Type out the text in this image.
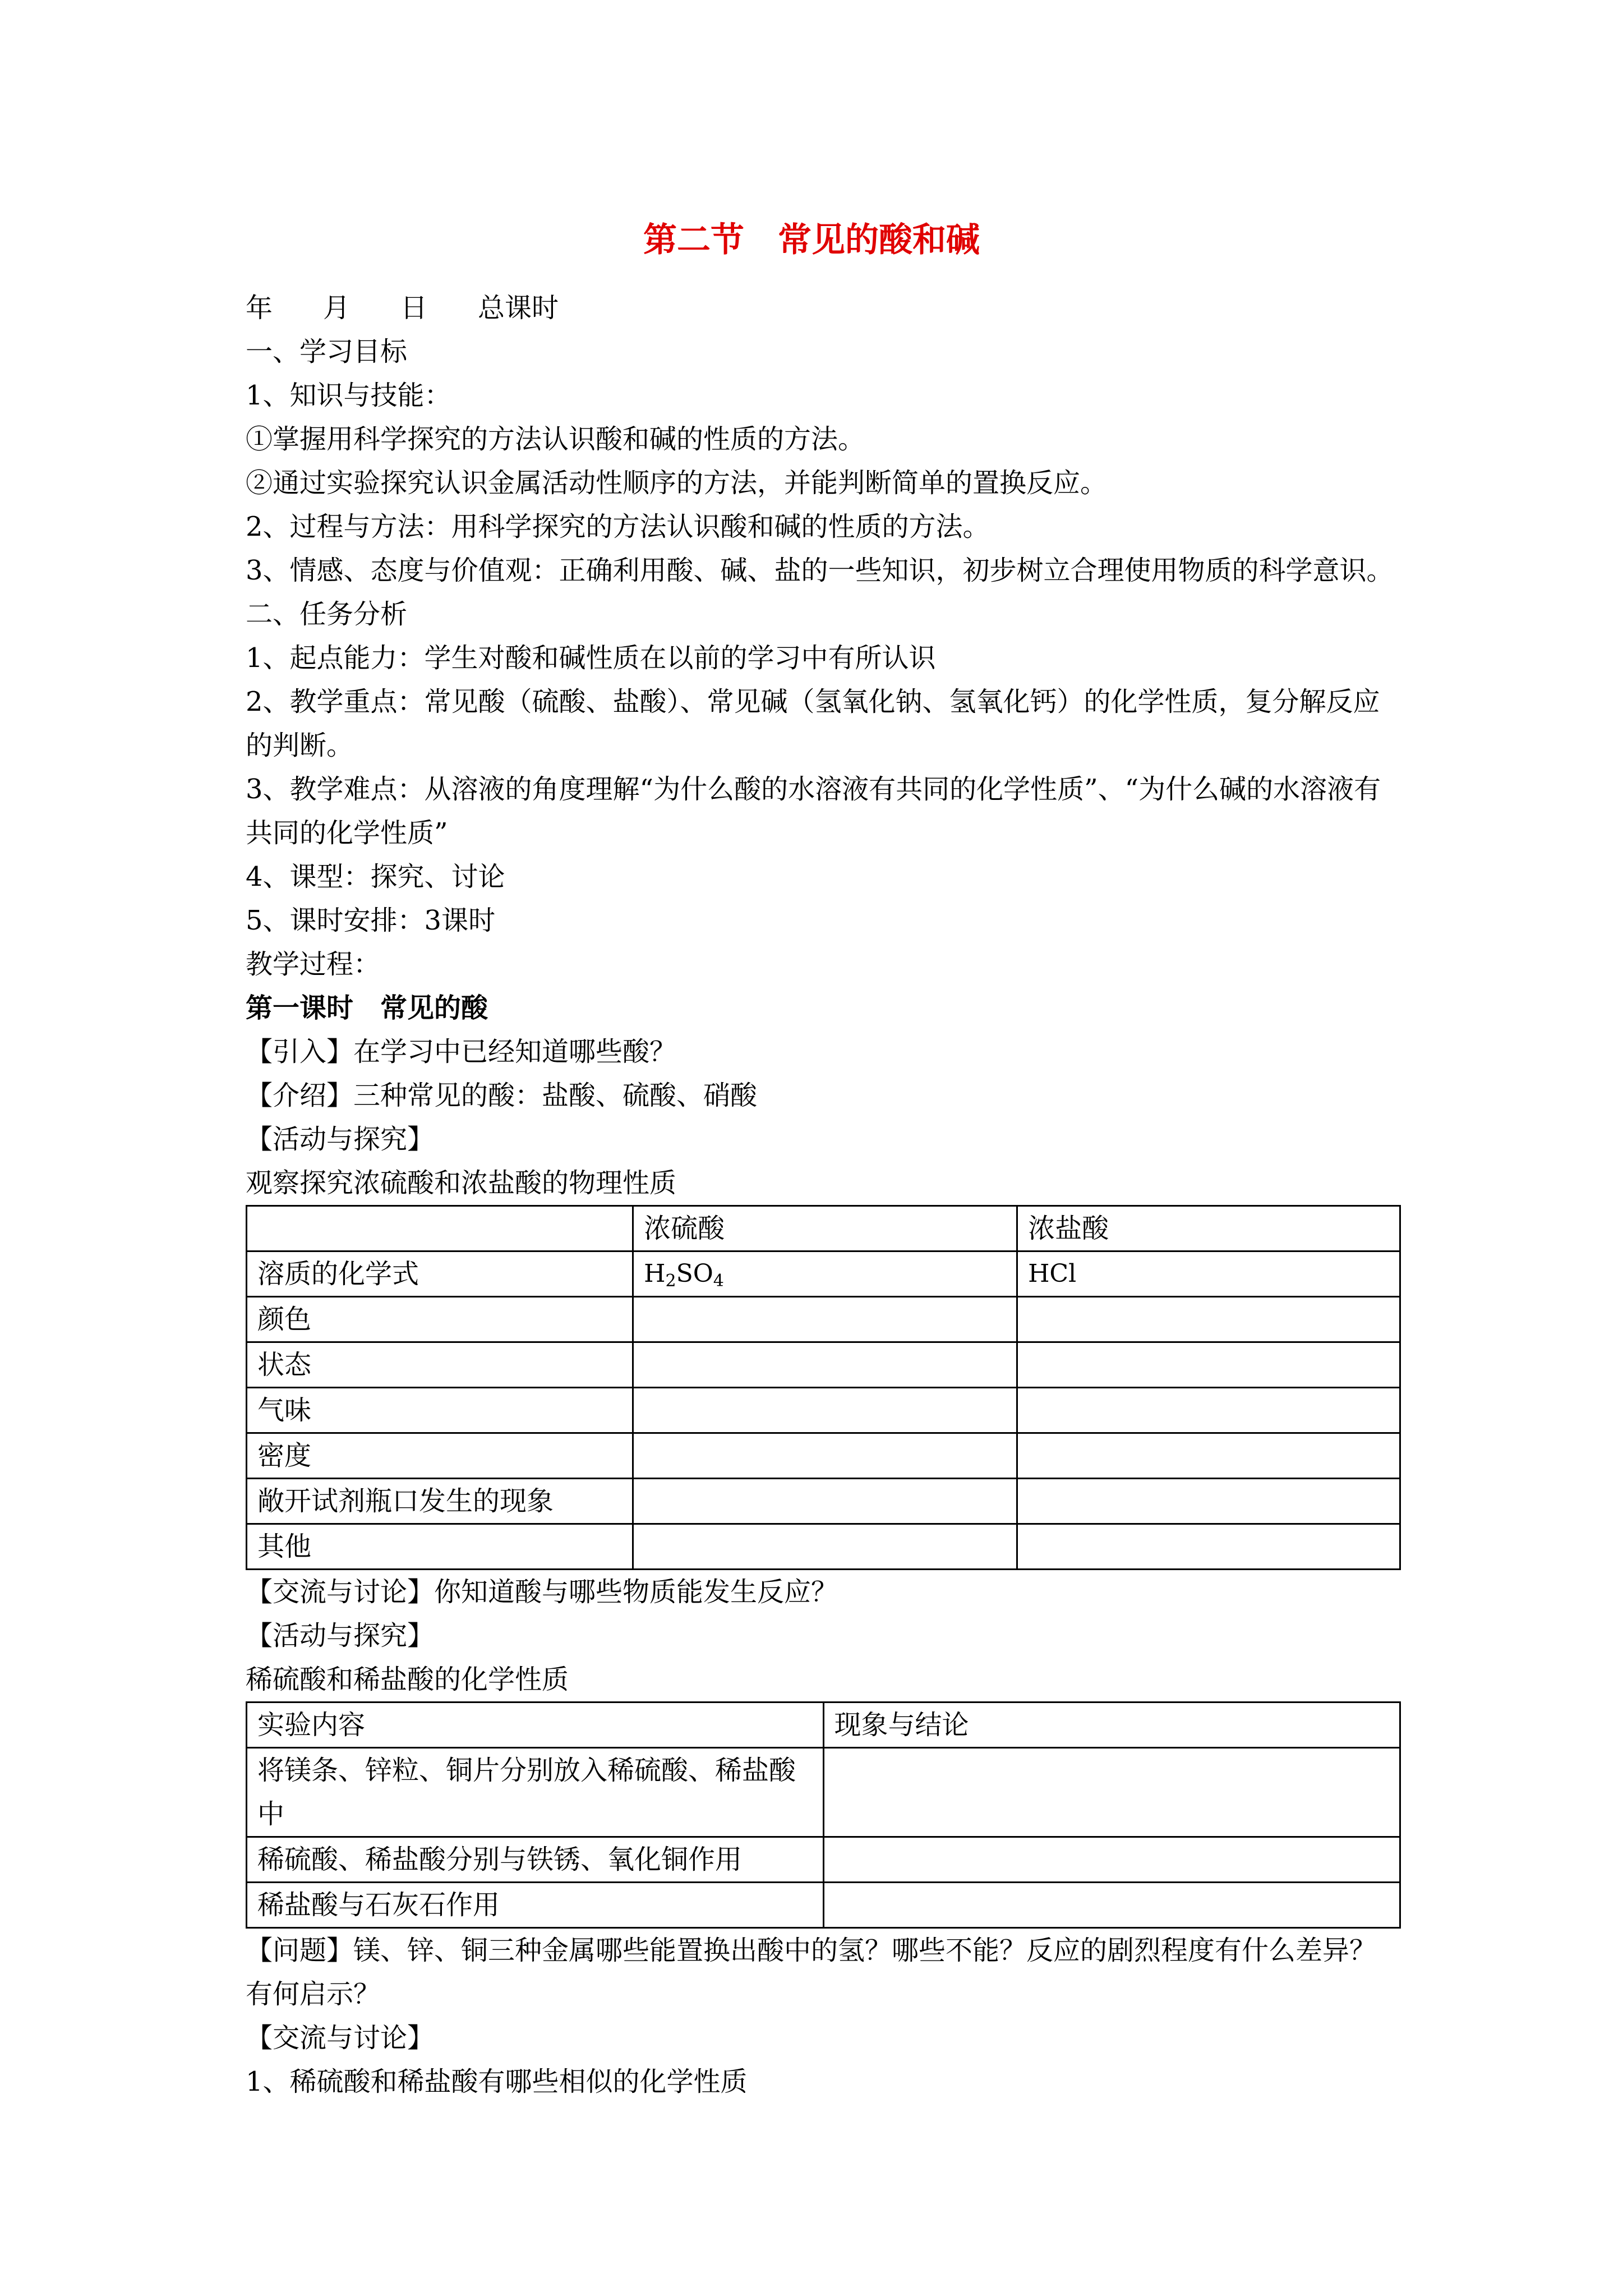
第二节　常见的酸和碱

年 月 日 总课时

一、学习目标

1、知识与技能：

①掌握用科学探究的方法认识酸和碱的性质的方法。

②通过实验探究认识金属活动性顺序的方法，并能判断简单的置换反应。

2、过程与方法：用科学探究的方法认识酸和碱的性质的方法。

3、情感、态度与价值观：正确利用酸、碱、盐的一些知识，初步树立合理使用物质的科学意识。

二、任务分析

1、起点能力：学生对酸和碱性质在以前的学习中有所认识

2、教学重点：常见酸（硫酸、盐酸）、常见碱（氢氧化钠、氢氧化钙）的化学性质，复分解反应的判断。

3、教学难点：从溶液的角度理解“为什么酸的水溶液有共同的化学性质”、“为什么碱的水溶液有共同的化学性质”

4、课型：探究、讨论

5、课时安排：3课时

教学过程：

第一课时　常见的酸

【引入】在学习中已经知道哪些酸？

【介绍】三种常见的酸：盐酸、硫酸、硝酸

【活动与探究】

观察探究浓硫酸和浓盐酸的物理性质

	浓硫酸	浓盐酸
溶质的化学式	$H_2SO_4$	HCl
颜色		
状态		
气味		
密度		
敞开试剂瓶口发生的现象		
其他		

【交流与讨论】你知道酸与哪些物质能发生反应？

【活动与探究】

稀硫酸和稀盐酸的化学性质

实验内容	现象与结论
将镁条、锌粒、铜片分别放入稀硫酸、稀盐酸中	
稀硫酸、稀盐酸分别与铁锈、氧化铜作用	
稀盐酸与石灰石作用	

【问题】镁、锌、铜三种金属哪些能置换出酸中的氢？哪些不能？反应的剧烈程度有什么差异？有何启示？

【交流与讨论】

1、稀硫酸和稀盐酸有哪些相似的化学性质
